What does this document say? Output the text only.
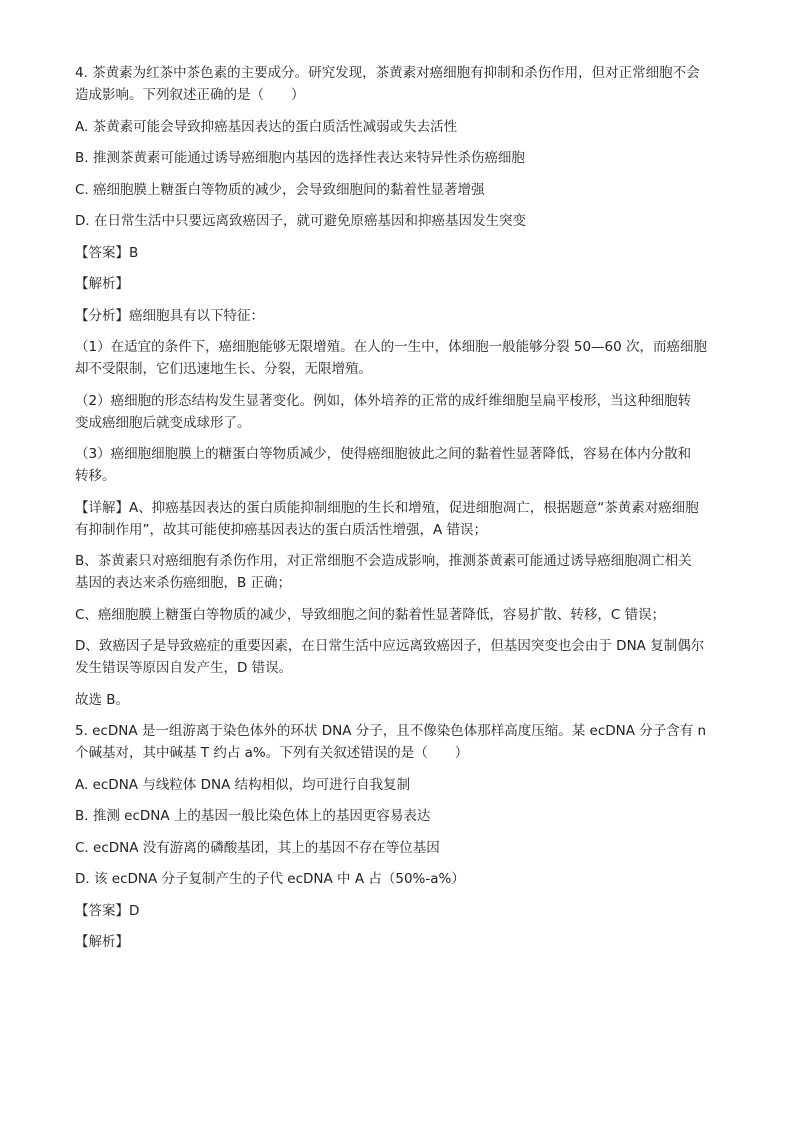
4. 茶黄素为红茶中茶色素的主要成分。研究发现，茶黄素对癌细胞有抑制和杀伤作用，但对正常细胞不会
造成影响。下列叙述正确的是（　　）
A. 茶黄素可能会导致抑癌基因表达的蛋白质活性减弱或失去活性
B. 推测茶黄素可能通过诱导癌细胞内基因的选择性表达来特异性杀伤癌细胞
C. 癌细胞膜上糖蛋白等物质的减少，会导致细胞间的黏着性显著增强
D. 在日常生活中只要远离致癌因子，就可避免原癌基因和抑癌基因发生突变
【答案】B
【解析】
【分析】癌细胞具有以下特征：
（1）在适宜的条件下，癌细胞能够无限增殖。在人的一生中，体细胞一般能够分裂 50—60 次，而癌细胞
却不受限制，它们迅速地生长、分裂，无限增殖。
（2）癌细胞的形态结构发生显著变化。例如，体外培养的正常的成纤维细胞呈扁平梭形，当这种细胞转
变成癌细胞后就变成球形了。
（3）癌细胞细胞膜上的糖蛋白等物质减少，使得癌细胞彼此之间的黏着性显著降低，容易在体内分散和
转移。
【详解】A、抑癌基因表达的蛋白质能抑制细胞的生长和增殖，促进细胞凋亡，根据题意“茶黄素对癌细胞
有抑制作用”，故其可能使抑癌基因表达的蛋白质活性增强，A 错误；
B、茶黄素只对癌细胞有杀伤作用，对正常细胞不会造成影响，推测茶黄素可能通过诱导癌细胞凋亡相关
基因的表达来杀伤癌细胞，B 正确；
C、癌细胞膜上糖蛋白等物质的减少，导致细胞之间的黏着性显著降低，容易扩散、转移，C 错误；
D、致癌因子是导致癌症的重要因素，在日常生活中应远离致癌因子，但基因突变也会由于 DNA 复制偶尔
发生错误等原因自发产生，D 错误。
故选 B。
5. ecDNA 是一组游离于染色体外的环状 DNA 分子，且不像染色体那样高度压缩。某 ecDNA 分子含有 n
个碱基对，其中碱基 T 约占 a%。下列有关叙述错误的是（　　）
A. ecDNA 与线粒体 DNA 结构相似，均可进行自我复制
B. 推测 ecDNA 上的基因一般比染色体上的基因更容易表达
C. ecDNA 没有游离的磷酸基团，其上的基因不存在等位基因
D. 该 ecDNA 分子复制产生的子代 ecDNA 中 A 占（50%-a%）
【答案】D
【解析】
